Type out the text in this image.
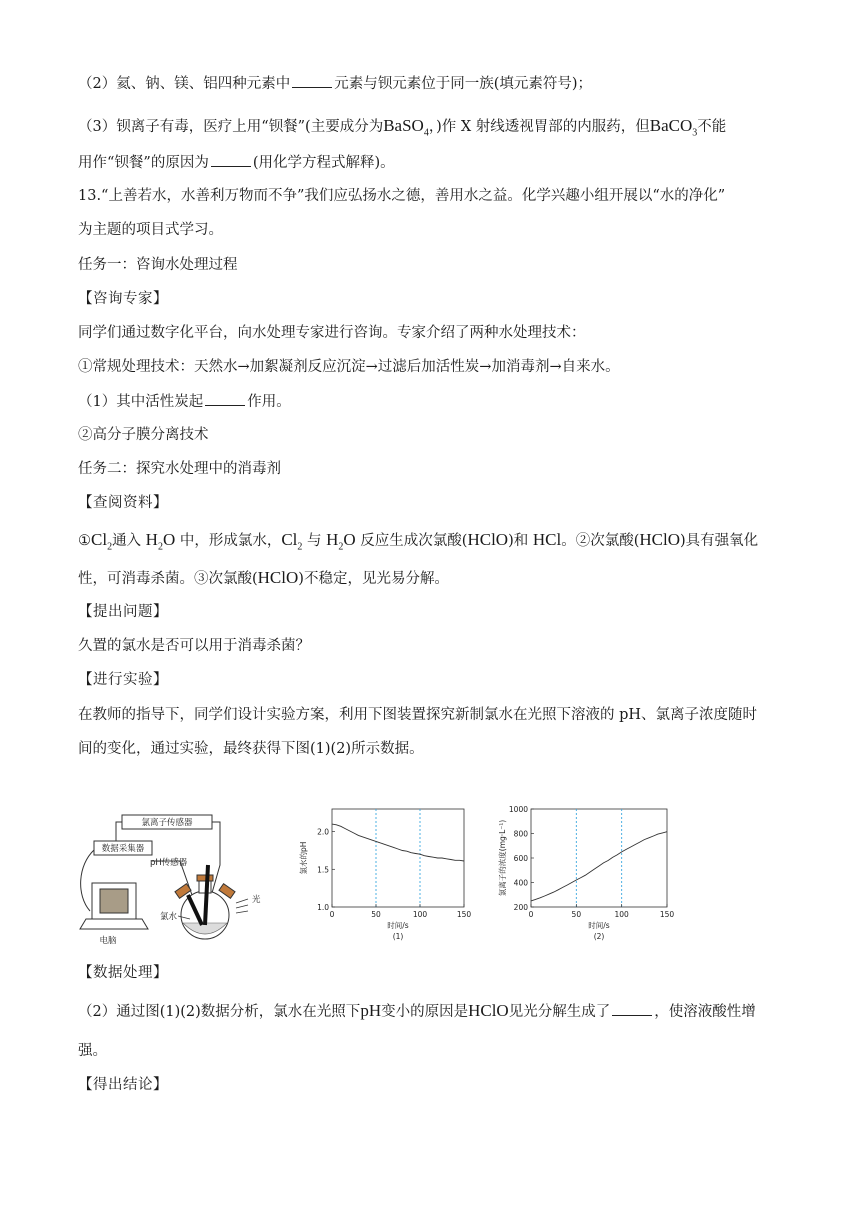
（2）氦、钠、镁、铝四种元素中	元素与钡元素位于同一族(填元素符号)；
（3）钡离子有毒，医疗上用“钡餐”(主要成分为BaSO$_4$，)作 X 射线透视胃部的内服药，但BaCO$_3$不能
用作“钡餐”的原因为	(用化学方程式解释)。
13.“上善若水，水善利万物而不争”我们应弘扬水之德，善用水之益。化学兴趣小组开展以“水的净化”
为主题的项目式学习。
任务一：咨询水处理过程
【咨询专家】
同学们通过数字化平台，向水处理专家进行咨询。专家介绍了两种水处理技术：
①常规处理技术：天然水→加絮凝剂反应沉淀→过滤后加活性炭→加消毒剂→自来水。
（1）其中活性炭起	作用。
②高分子膜分离技术
任务二：探究水处理中的消毒剂
【查阅资料】
$①Cl_2$通入 $H_2O$ 中，形成氯水，$Cl_2$ 与 $H_2O$ 反应生成次氯酸(HClO)和 HCl。②次氯酸(HClO)具有强氧化
性，可消毒杀菌。③次氯酸(HClO)不稳定，见光易分解。
【提出问题】
久置的氯水是否可以用于消毒杀菌？
【进行实验】
在教师的指导下，同学们设计实验方案，利用下图装置探究新制氯水在光照下溶液的 pH、氯离子浓度随时
间的变化，通过实验，最终获得下图(1)(2)所示数据。
氯离子传感器
数据采集器
pH传感器
电脑
光
氯水	0	50	100	150
1.0
1.5
2.0
时间/s
(1)
氯水的pH
0	50	100	150
200
400
600
800
1000
时间/s
(2)
氯离子的浓度(mg·L⁻¹)
【数据处理】
（2）通过图(1)(2)数据分析，氯水在光照下pH变小的原因是HClO见光分解生成了	，使溶液酸性增
强。
【得出结论】
